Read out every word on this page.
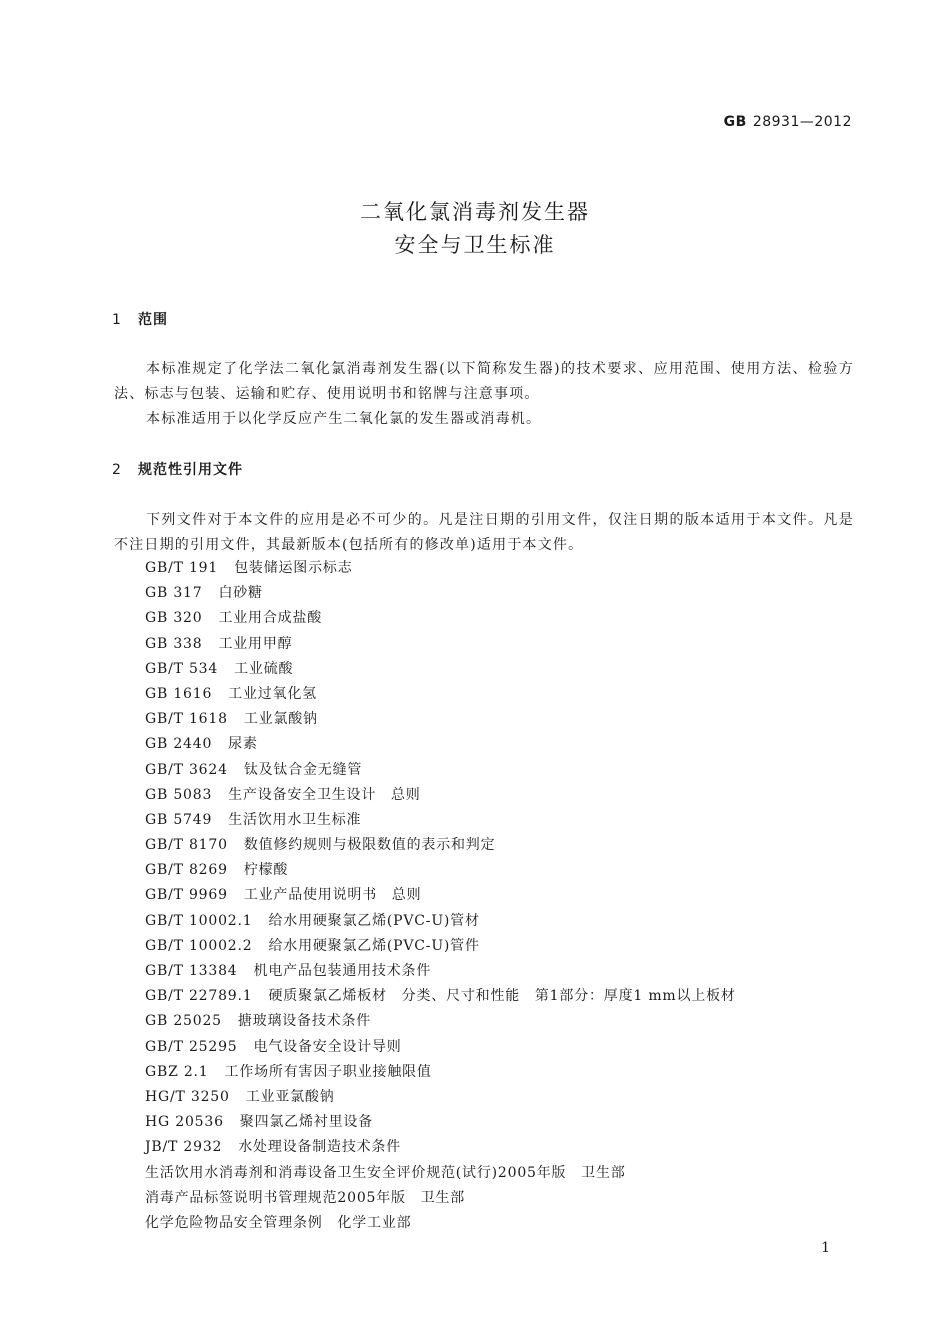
GB 28931—2012
二氧化氯消毒剂发生器
安全与卫生标准
1 范围
本标准规定了化学法二氧化氯消毒剂发生器(以下简称发生器)的技术要求、应用范围、使用方法、检验方法、标志与包装、运输和贮存、使用说明书和铭牌与注意事项。
本标准适用于以化学反应产生二氧化氯的发生器或消毒机。
2 规范性引用文件
下列文件对于本文件的应用是必不可少的。凡是注日期的引用文件，仅注日期的版本适用于本文件。凡是不注日期的引用文件，其最新版本(包括所有的修改单)适用于本文件。
GB/T 191 包装储运图示标志
GB 317 白砂糖
GB 320 工业用合成盐酸
GB 338 工业用甲醇
GB/T 534 工业硫酸
GB 1616 工业过氧化氢
GB/T 1618 工业氯酸钠
GB 2440 尿素
GB/T 3624 钛及钛合金无缝管
GB 5083 生产设备安全卫生设计　总则
GB 5749 生活饮用水卫生标准
GB/T 8170 数值修约规则与极限数值的表示和判定
GB/T 8269 柠檬酸
GB/T 9969 工业产品使用说明书　总则
GB/T 10002.1 给水用硬聚氯乙烯(PVC-U)管材
GB/T 10002.2 给水用硬聚氯乙烯(PVC-U)管件
GB/T 13384 机电产品包装通用技术条件
GB/T 22789.1 硬质聚氯乙烯板材　分类、尺寸和性能　第1部分：厚度1 mm以上板材
GB 25025 搪玻璃设备技术条件
GB/T 25295 电气设备安全设计导则
GBZ 2.1 工作场所有害因子职业接触限值
HG/T 3250 工业亚氯酸钠
HG 20536 聚四氯乙烯衬里设备
JB/T 2932 水处理设备制造技术条件
生活饮用水消毒剂和消毒设备卫生安全评价规范(试行)2005年版　卫生部
消毒产品标签说明书管理规范2005年版　卫生部
化学危险物品安全管理条例　化学工业部
1
